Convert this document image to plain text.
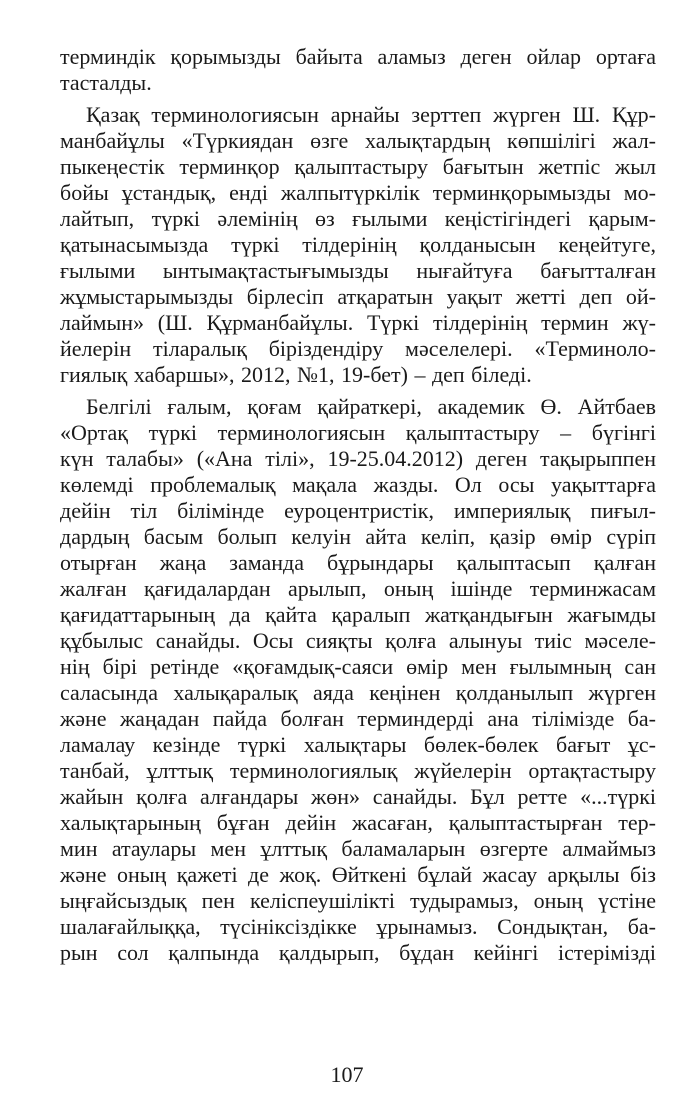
терминдік қорымызды байыта аламыз деген ойлар ортаға
тасталды.
Қазақ терминологиясын арнайы зерттеп жүрген Ш. Құр-
манбайұлы «Түркиядан өзге халықтардың көпшілігі жал-
пыкеңестік терминқор қалыптастыру бағытын жетпіс жыл
бойы ұстандық, енді жалпытүркілік терминқорымызды мо-
лайтып, түркі әлемінің өз ғылыми кеңістігіндегі қарым-
қатынасымызда түркі тілдерінің қолданысын кеңейтуге,
ғылыми ынтымақтастығымызды нығайтуға бағытталған
жұмыстарымызды бірлесіп атқаратын уақыт жетті деп ой-
лаймын» (Ш. Құрманбайұлы. Түркі тілдерінің термин жү-
йелерін тіларалық біріздендіру мәселелері. «Терминоло-
гиялық хабаршы», 2012, №1, 19-бет) – деп біледі.
Белгілі ғалым, қоғам қайраткері, академик Ө. Айтбаев
«Ортақ түркі терминологиясын қалыптастыру – бүгінгі
күн талабы» («Ана тілі», 19-25.04.2012) деген тақырыппен
көлемді проблемалық мақала жазды. Ол осы уақыттарға
дейін тіл білімінде еуроцентристік, империялық пиғыл-
дардың басым болып келуін айта келіп, қазір өмір сүріп
отырған жаңа заманда бұрындары қалыптасып қалған
жалған қағидалардан арылып, оның ішінде терминжасам
қағидаттарының да қайта қаралып жатқандығын жағымды
құбылыс санайды. Осы сияқты қолға алынуы тиіс мәселе-
нің бірі ретінде «қоғамдық-саяси өмір мен ғылымның сан
саласында халықаралық аяда кеңінен қолданылып жүрген
және жаңадан пайда болған терминдерді ана тілімізде ба-
ламалау кезінде түркі халықтары бөлек-бөлек бағыт ұс-
танбай, ұлттық терминологиялық жүйелерін ортақтастыру
жайын қолға алғандары жөн» санайды. Бұл ретте «...түркі
халықтарының бұған дейін жасаған, қалыптастырған тер-
мин атаулары мен ұлттық баламаларын өзгерте алмаймыз
және оның қажеті де жоқ. Өйткені бұлай жасау арқылы біз
ыңғайсыздық пен келіспеушілікті тудырамыз, оның үстіне
шалағайлыққа, түсініксіздікке ұрынамыз. Сондықтан, ба-
рын сол қалпында қалдырып, бұдан кейінгі істерімізді
107
